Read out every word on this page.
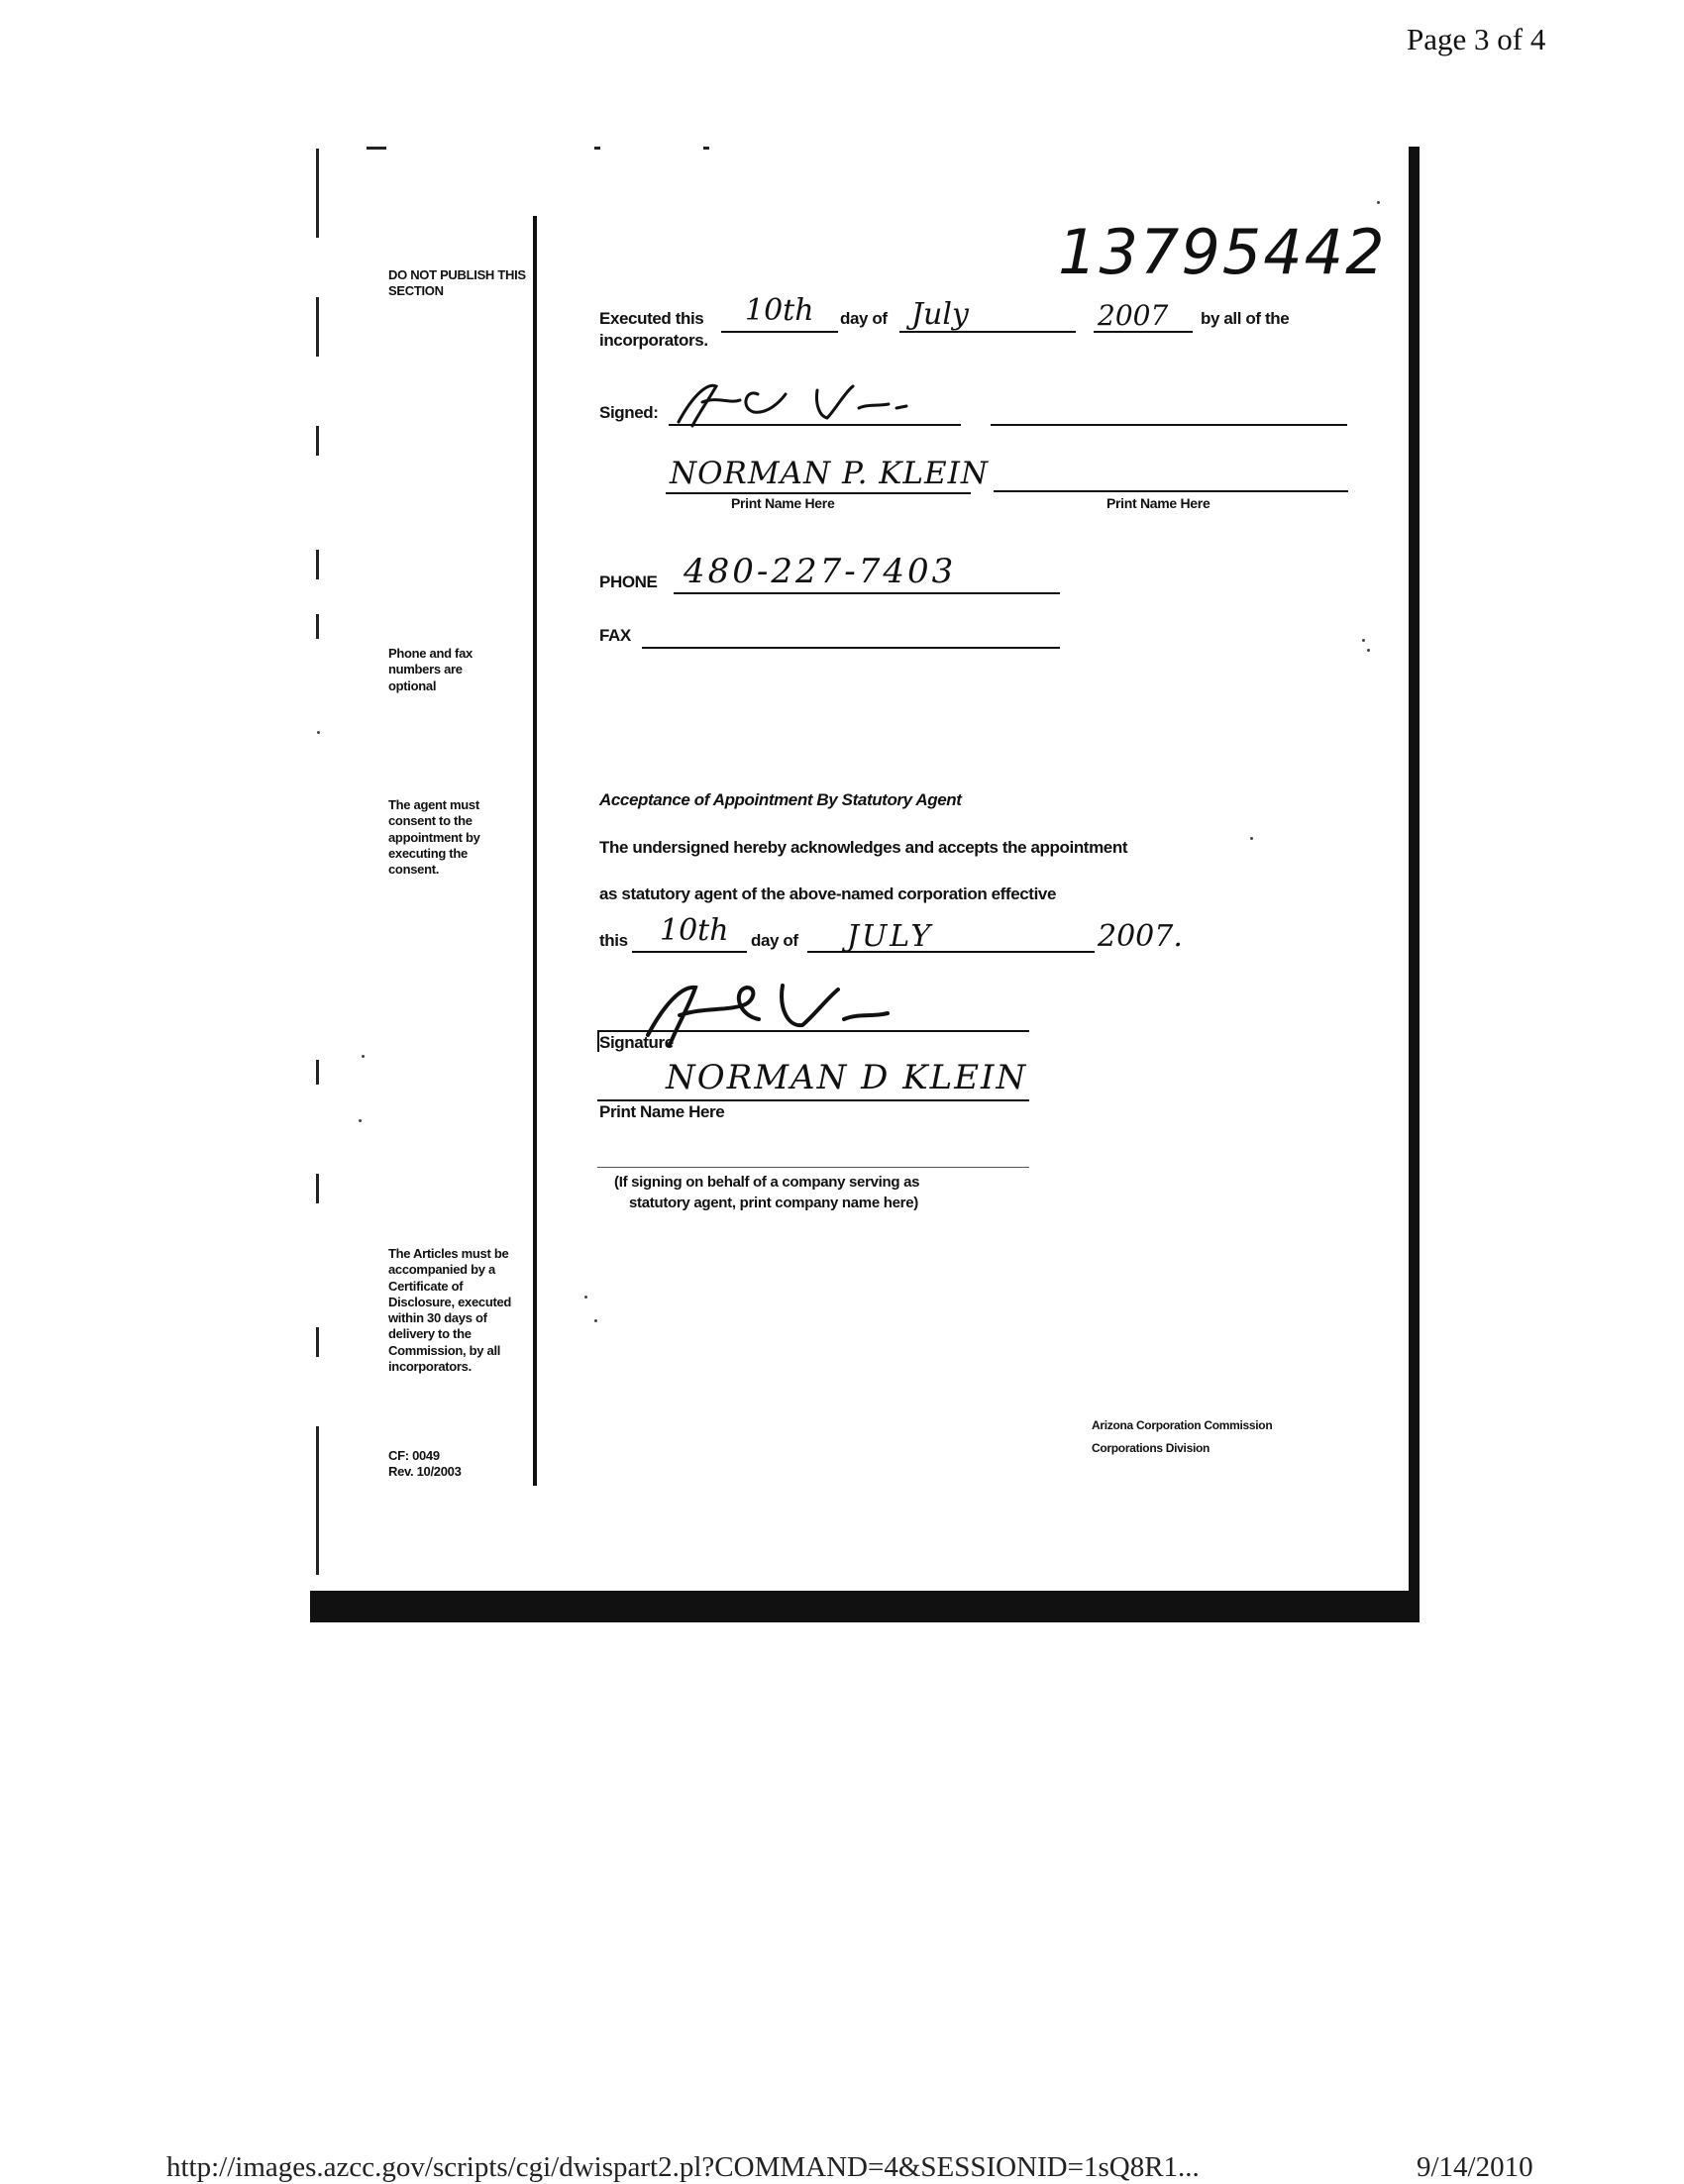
Page 3 of 4
http://images.azcc.gov/scripts/cgi/dwispart2.pl?COMMAND=4&SESSIONID=1sQ8R1...	9/14/2010
13795442
DO NOT PUBLISH THIS SECTION
Phone and fax numbers are optional
The agent must consent to the appointment by executing the consent.
The Articles must be accompanied by a Certificate of Disclosure, executed within 30 days of delivery to the Commission, by all incorporators.
CF: 0049
Rev. 10/2003
Executed this 10th day of July	2007 by all of the
incorporators.
Signed:
NORMAN P. KLEIN
Print Name Here	Print Name Here
PHONE 480-227-7403
FAX
Acceptance of Appointment By Statutory Agent
The undersigned hereby acknowledges and accepts the appointment
as statutory agent of the above-named corporation effective
this 10th day of JULY	2007.
Signature
NORMAN D KLEIN
Print Name Here
(If signing on behalf of a company serving as
statutory agent, print company name here)
Arizona Corporation Commission
Corporations Division
